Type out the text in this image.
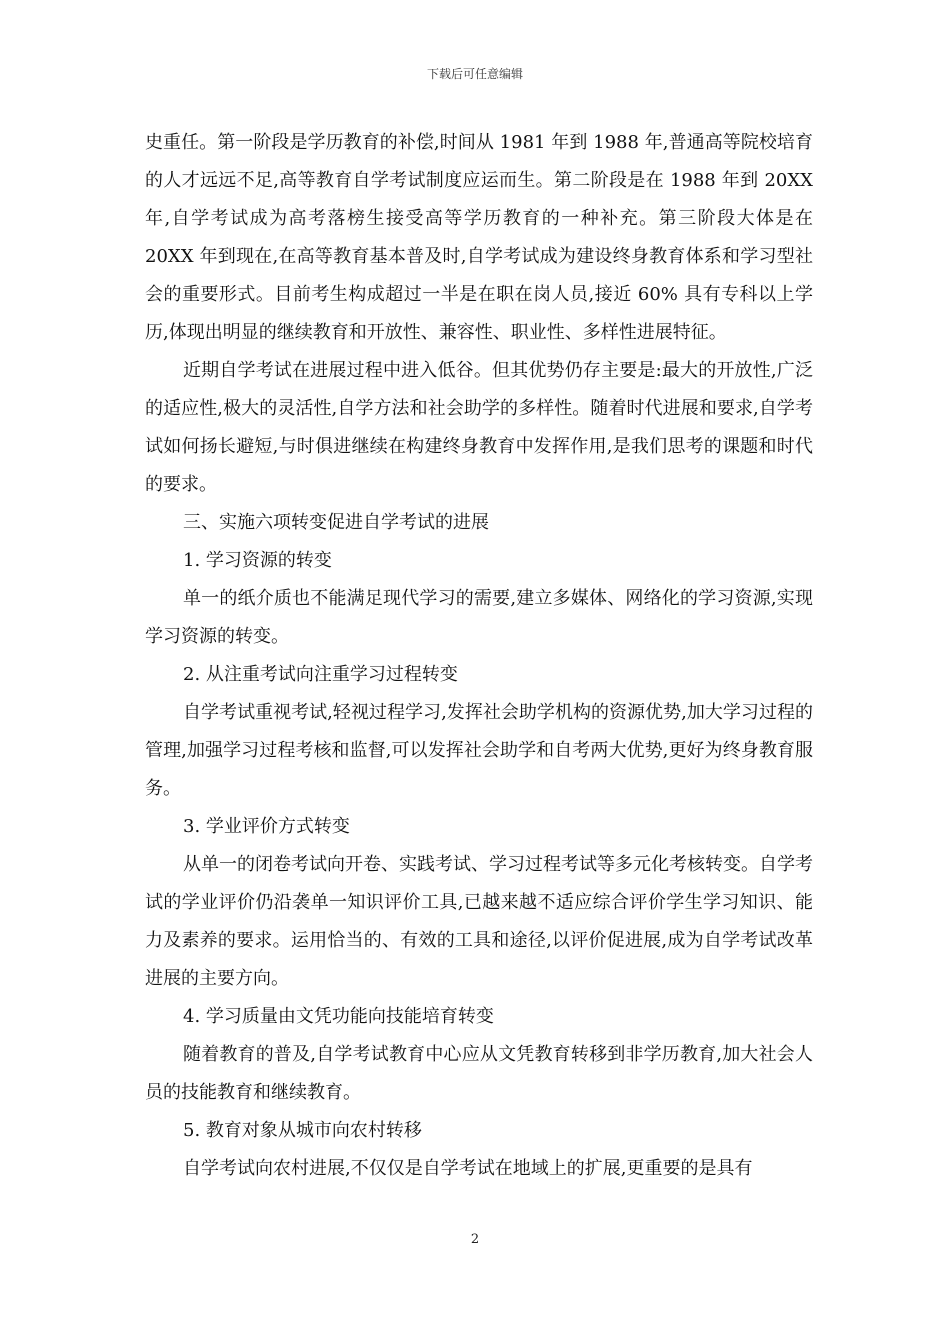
下载后可任意编辑

史重任。第一阶段是学历教育的补偿,时间从 1981 年到 1988 年,普通高等院校培育的人才远远不足,高等教育自学考试制度应运而生。第二阶段是在 1988 年到 20XX 年,自学考试成为高考落榜生接受高等学历教育的一种补充。第三阶段大体是在 20XX 年到现在,在高等教育基本普及时,自学考试成为建设终身教育体系和学习型社会的重要形式。目前考生构成超过一半是在职在岗人员,接近 60% 具有专科以上学历,体现出明显的继续教育和开放性、兼容性、职业性、多样性进展特征。

近期自学考试在进展过程中进入低谷。但其优势仍存主要是:最大的开放性,广泛的适应性,极大的灵活性,自学方法和社会助学的多样性。随着时代进展和要求,自学考试如何扬长避短,与时俱进继续在构建终身教育中发挥作用,是我们思考的课题和时代的要求。

三、实施六项转变促进自学考试的进展

1. 学习资源的转变

单一的纸介质也不能满足现代学习的需要,建立多媒体、网络化的学习资源,实现学习资源的转变。

2. 从注重考试向注重学习过程转变

自学考试重视考试,轻视过程学习,发挥社会助学机构的资源优势,加大学习过程的管理,加强学习过程考核和监督,可以发挥社会助学和自考两大优势,更好为终身教育服务。

3. 学业评价方式转变

从单一的闭卷考试向开卷、实践考试、学习过程考试等多元化考核转变。自学考试的学业评价仍沿袭单一知识评价工具,已越来越不适应综合评价学生学习知识、能力及素养的要求。运用恰当的、有效的工具和途径,以评价促进展,成为自学考试改革进展的主要方向。

4. 学习质量由文凭功能向技能培育转变

随着教育的普及,自学考试教育中心应从文凭教育转移到非学历教育,加大社会人员的技能教育和继续教育。

5. 教育对象从城市向农村转移

自学考试向农村进展,不仅仅是自学考试在地域上的扩展,更重要的是具有

2
